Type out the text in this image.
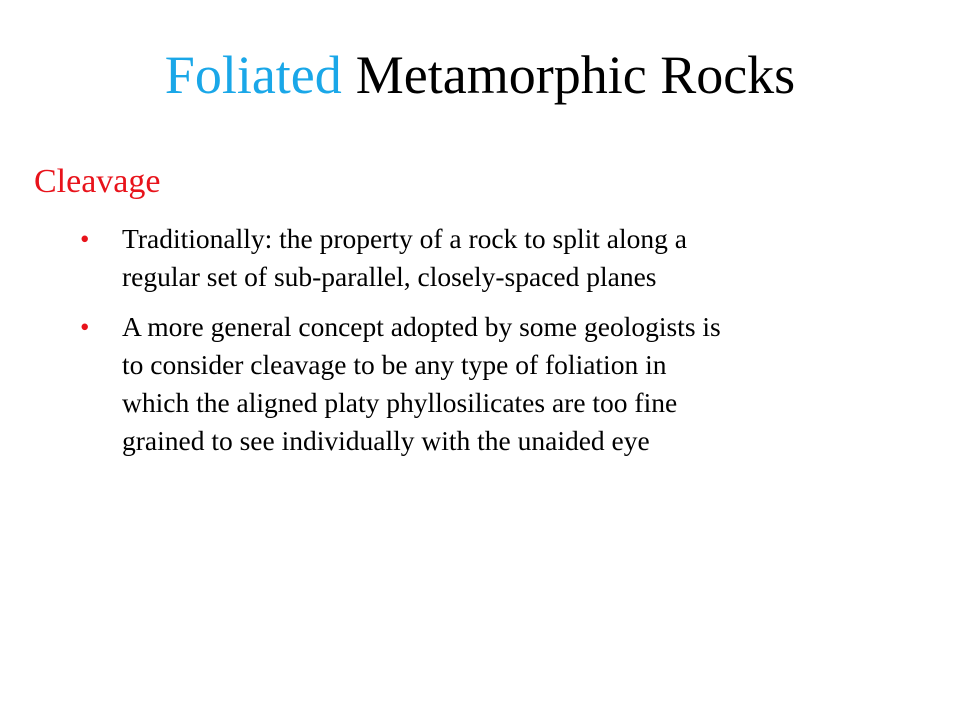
Foliated Metamorphic Rocks
Cleavage
• Traditionally: the property of a rock to split along a
regular set of sub-parallel, closely-spaced planes
• A more general concept adopted by some geologists is
to consider cleavage to be any type of foliation in
which the aligned platy phyllosilicates are too fine
grained to see individually with the unaided eye
